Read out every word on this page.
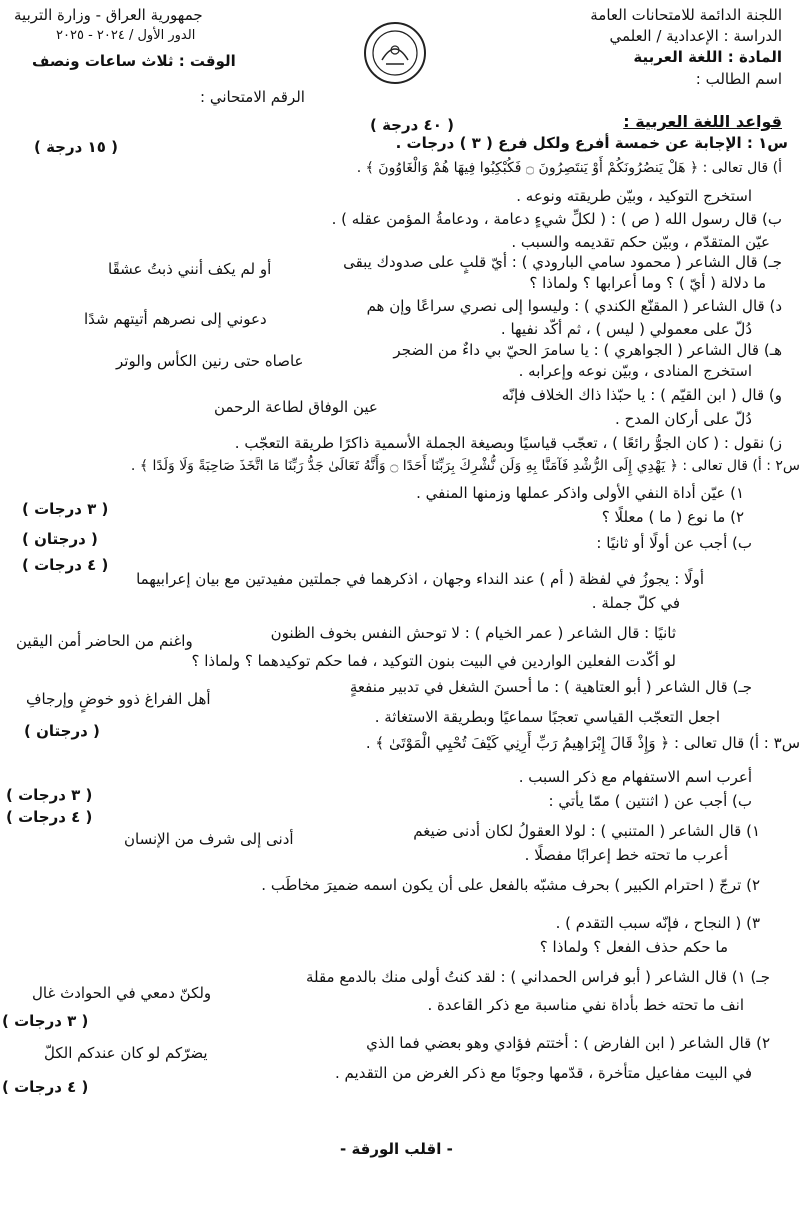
اللجنة الدائمة للامتحانات العامة
الدراسة : الإعدادية / العلمي
المادة : اللغة العربية
اسم الطالب :
جمهورية العراق - وزارة التربية
الدور الأول / ٢٠٢٤ - ٢٠٢٥
الوقت : ثلاث ساعات ونصف
الرقم الامتحاني :
قواعد اللغة العربية :
( ٤٠ درجة )
س١ : الإجابة عن خمسة أفرع ولكل فرع ( ٣ ) درجات .
( ١٥ درجة )
أ) قال تعالى : ﴿ هَلْ يَنصُرُونَكُمْ أَوْ يَنتَصِرُونَ ۝ فَكُبْكِبُوا فِيهَا هُمْ وَالْغَاوُونَ ﴾ .
استخرج التوكيد ، وبيّن طريقته ونوعه .
ب) قال رسول الله ( ص ) : ( لكلِّ شيءٍ دعامة ، ودعامةُ المؤمن عقله ) .
عيّن المتقدّم ، وبيّن حكم تقديمه والسبب .
جـ) قال الشاعر ( محمود سامي البارودي ) : أيّ قلبٍ على صدودك يبقى
أو لم يكف أنني ذبتُ عشقًا
ما دلالة ( أيّ ) ؟ وما أعرابها ؟ ولماذا ؟
د) قال الشاعر ( المقنّع الكندي ) : وليسوا إلى نصري سراعًا وإن هم
دعوني إلى نصرهم أتيتهم شدًا
دُلّ على معمولي ( ليس ) ، ثم أكّد نفيها .
هـ) قال الشاعر ( الجواهري ) : يا سامرَ الحيّ بي داءٌ من الضجر
عاصاه حتى رنين الكأس والوتر
استخرج المنادى ، وبيّن نوعه وإعرابه .
و) قال ( ابن القيّم ) : يا حبّذا ذاك الخلاف فإنّه
عين الوفاق لطاعة الرحمن
دُلّ على أركان المدح .
ز) نقول : ( كان الجوُّ رائعًا ) ، تعجّب قياسيًا وبصيغة الجملة الأسمية ذاكرًا طريقة التعجّب .
س٢ : أ) قال تعالى : ﴿ يَهْدِي إِلَى الرُّشْدِ فَآمَنَّا بِهِ وَلَن نُّشْرِكَ بِرَبِّنَا أَحَدًا ۝ وَأَنَّهُ تَعَالَىٰ جَدُّ رَبِّنَا مَا اتَّخَذَ صَاحِبَةً وَلَا وَلَدًا ﴾ .
١) عيّن أداة النفي الأولى واذكر عملها وزمنها المنفي .
( ٣ درجات )	٢) ما نوع ( ما ) معللًا ؟
( درجتان )	ب) أجب عن أولًا أو ثانيًا :
( ٤ درجات )
أولًا : يجوزُ في لفظة ( أم ) عند النداء وجهان ، اذكرهما في جملتين مفيدتين مع بيان إعرابيهما
في كلّ جملة .
ثانيًا : قال الشاعر ( عمر الخيام ) : لا توحش النفس بخوف الظنون
واغنم من الحاضر أمن اليقين
لو أكّدت الفعلين الواردين في البيت بنون التوكيد ، فما حكم توكيدهما ؟ ولماذا ؟
جـ) قال الشاعر ( أبو العتاهية ) : ما أحسنَ الشغل في تدبير منفعةٍ
أهل الفراغ ذوو خوضٍ وإرجافِ
اجعل التعجّب القياسي تعجبًا سماعيًا وبطريقة الاستغاثة .
( درجتان )
س٣ : أ) قال تعالى : ﴿ وَإِذْ قَالَ إِبْرَاهِيمُ رَبِّ أَرِنِي كَيْفَ تُحْيِي الْمَوْتَىٰ ﴾ .
أعرب اسم الاستفهام مع ذكر السبب .
( ٣ درجات )	ب) أجب عن ( اثنتين ) ممّا يأتي :
( ٤ درجات )
١) قال الشاعر ( المتنبي ) : لولا العقولُ لكان أدنى ضيغم
أدنى إلى شرف من الإنسان
أعرب ما تحته خط إعرابًا مفصلًا .
٢) ترجّ ( احترام الكبير ) بحرف مشبّه بالفعل على أن يكون اسمه ضميرَ مخاطَب .
٣) ( النجاح ، فإنّه سبب التقدم ) .
ما حكم حذف الفعل ؟ ولماذا ؟
جـ) ١) قال الشاعر ( أبو فراس الحمداني ) : لقد كنتُ أولى منك بالدمع مقلة
ولكنّ دمعي في الحوادث غال
انف ما تحته خط بأداة نفي مناسبة مع ذكر القاعدة .
( ٣ درجات )
٢) قال الشاعر ( ابن الفارض ) : أختتم فؤادي وهو بعضي فما الذي
يضرّكم لو كان عندكم الكلّ
في البيت مفاعيل متأخرة ، قدّمها وجوبًا مع ذكر الغرض من التقديم .
( ٤ درجات )
- اقلب الورقة -
